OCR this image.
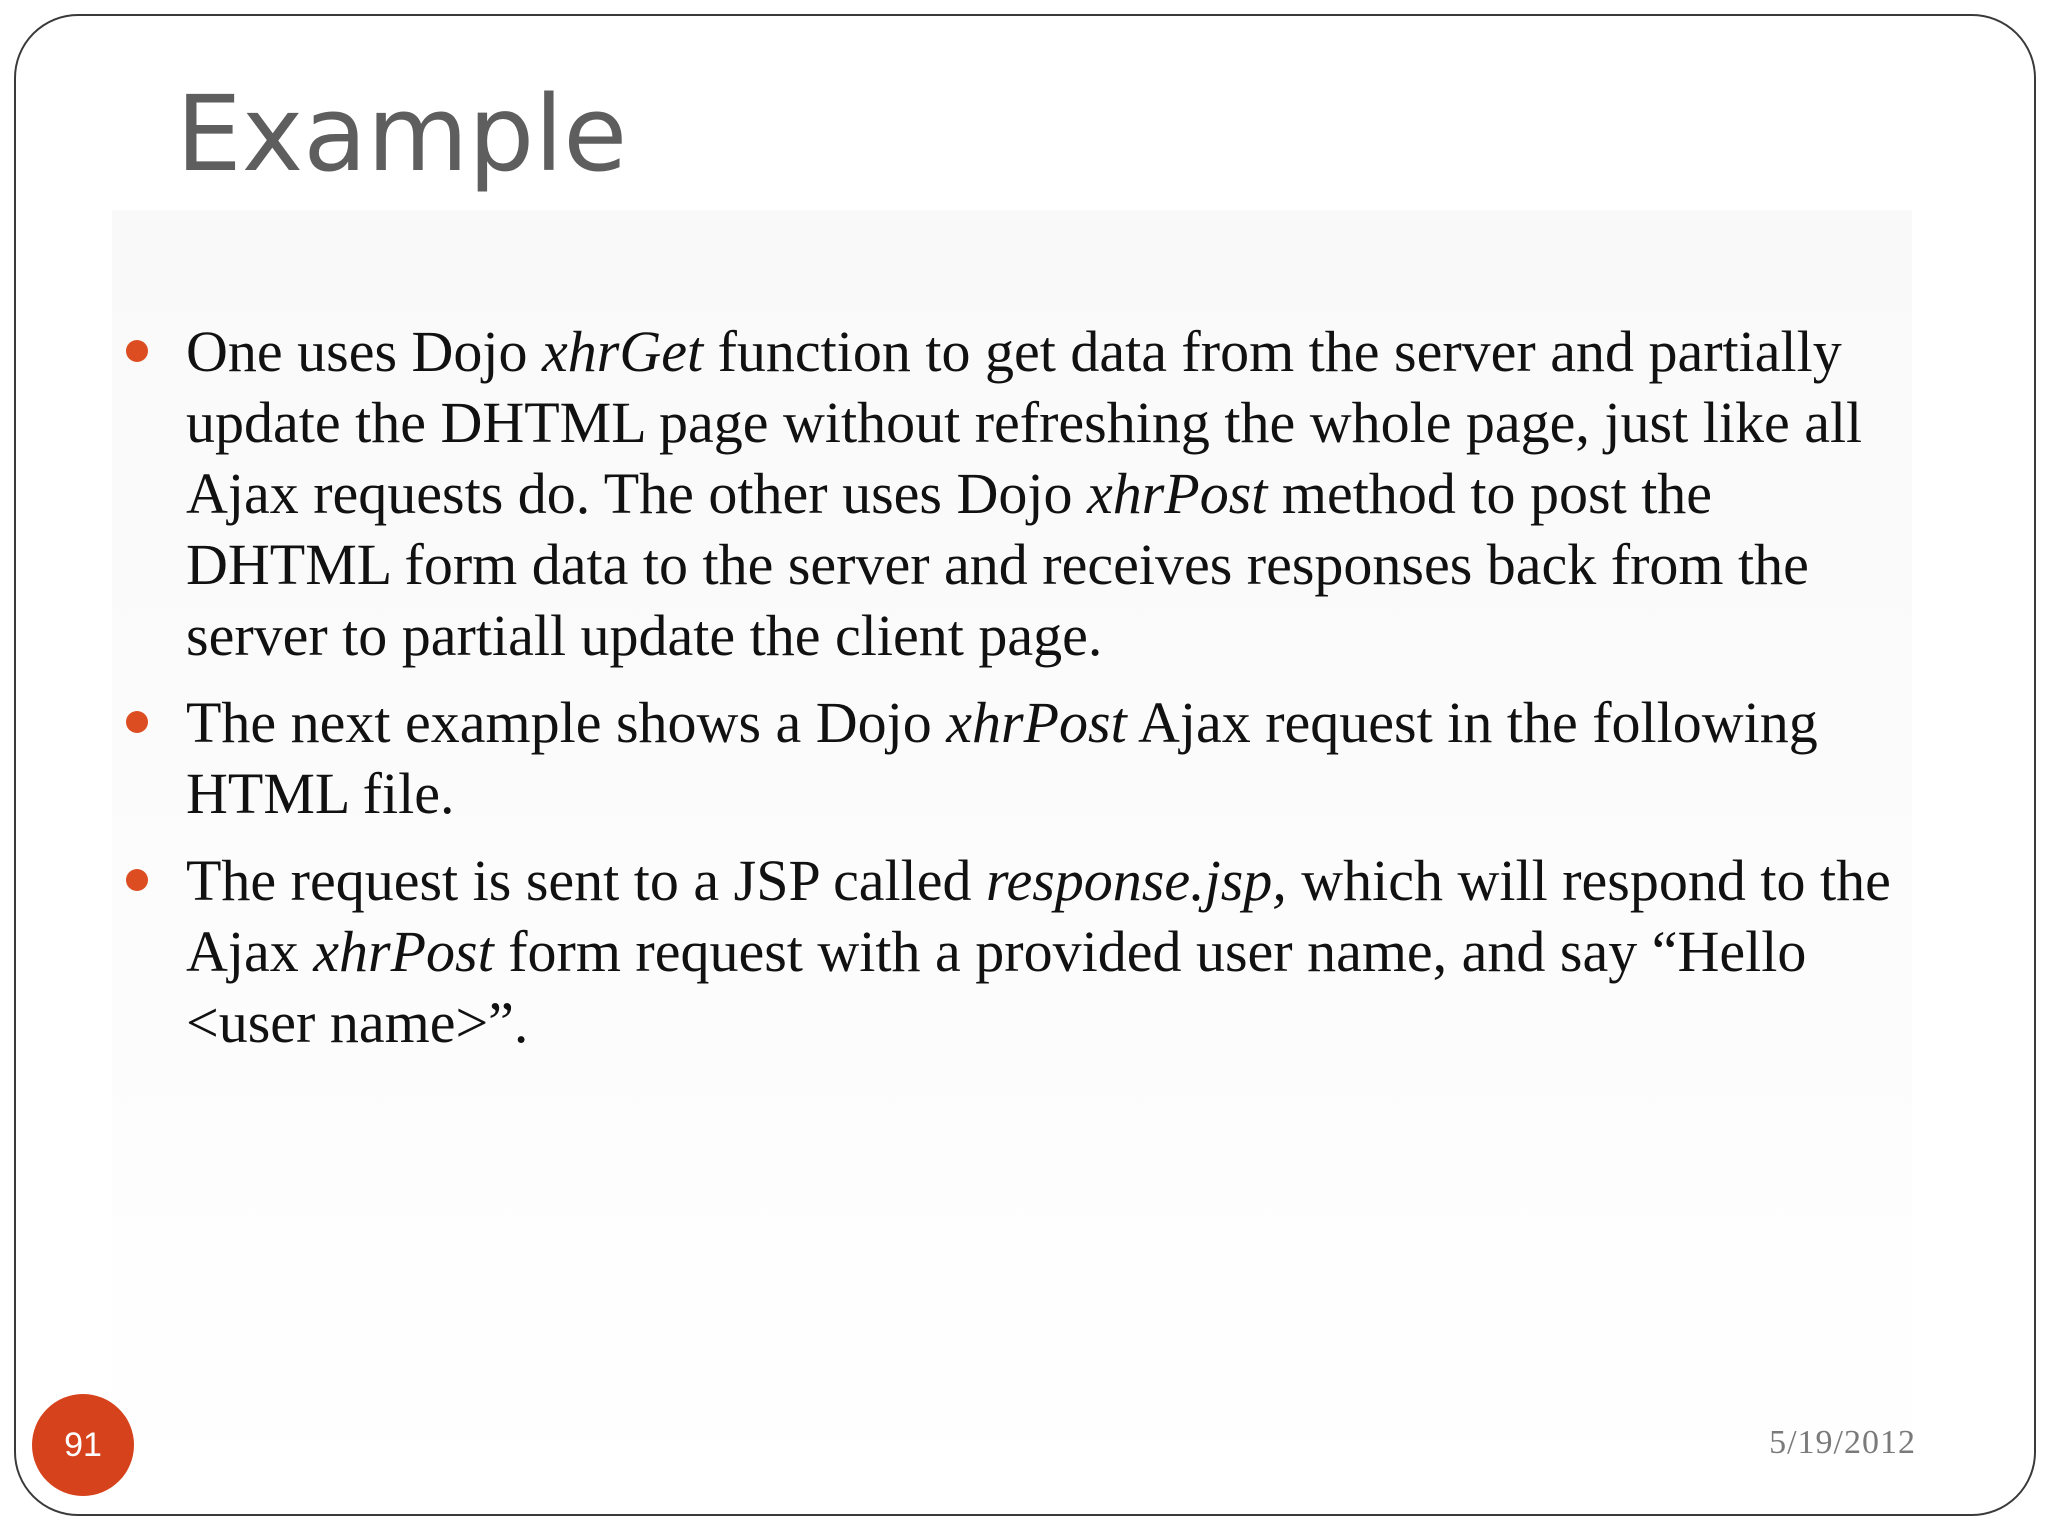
Example
One uses Dojo xhrGet function to get data from the server and partially update the DHTML page without refreshing the whole page, just like all Ajax requests do. The other uses Dojo xhrPost method to post the DHTML form data to the server and receives responses back from the server to partiall update the client page.
The next example shows a Dojo xhrPost Ajax request in the following HTML file.
The request is sent to a JSP called response.jsp, which will respond to the Ajax xhrPost form request with a provided user name, and say “Hello <user name>”.
91	5/19/2012
